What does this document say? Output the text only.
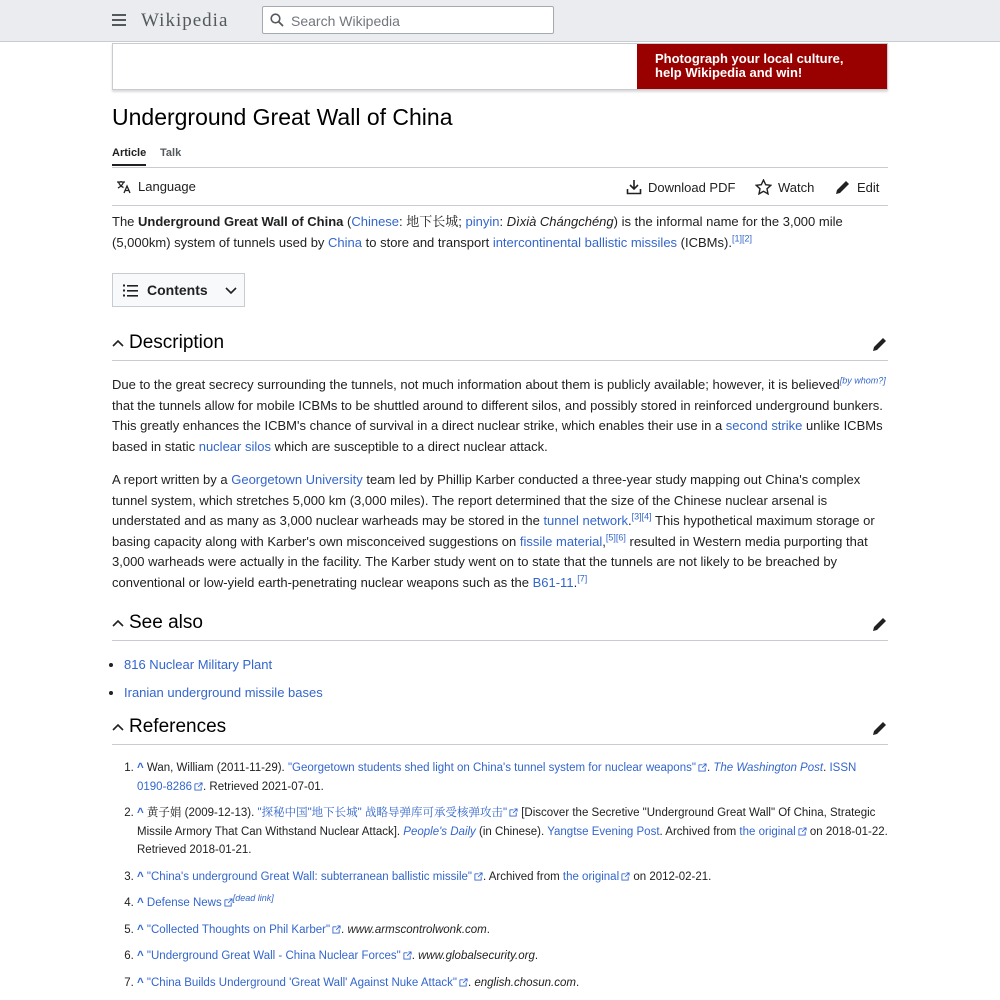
Wikipedia
Search Wikipedia
Photograph your local culture,
help Wikipedia and win!
Underground Great Wall of China
Article Talk
Language	Download PDF	Watch	Edit
The Underground Great Wall of China (Chinese: 地下长城; pinyin: Dìxià Chángchéng) is the informal name for the 3,000 mile (5,000km) system of tunnels used by China to store and transport intercontinental ballistic missiles (ICBMs).[1][2]
Contents
Description
Due to the great secrecy surrounding the tunnels, not much information about them is publicly available; however, it is believed[by whom?] that the tunnels allow for mobile ICBMs to be shuttled around to different silos, and possibly stored in reinforced underground bunkers. This greatly enhances the ICBM's chance of survival in a direct nuclear strike, which enables their use in a second strike unlike ICBMs based in static nuclear silos which are susceptible to a direct nuclear attack.
A report written by a Georgetown University team led by Phillip Karber conducted a three-year study mapping out China's complex tunnel system, which stretches 5,000 km (3,000 miles). The report determined that the size of the Chinese nuclear arsenal is understated and as many as 3,000 nuclear warheads may be stored in the tunnel network.[3][4] This hypothetical maximum storage or basing capacity along with Karber's own misconceived suggestions on fissile material,[5][6] resulted in Western media purporting that 3,000 warheads were actually in the facility. The Karber study went on to state that the tunnels are not likely to be breached by conventional or low-yield earth-penetrating nuclear weapons such as the B61-11.[7]
See also
• 816 Nuclear Military Plant
• Iranian underground missile bases
References
1. ^ Wan, William (2011-11-29). "Georgetown students shed light on China's tunnel system for nuclear weapons" . The Washington Post. ISSN 0190-8286 . Retrieved 2021-07-01.
2. ^ 黄子娟 (2009-12-13). "探秘中国"地下长城" 战略导弹库可承受核弹攻击" [Discover the Secretive "Underground Great Wall" Of China, Strategic Missile Armory That Can Withstand Nuclear Attack]. People's Daily (in Chinese). Yangtse Evening Post. Archived from the original on 2018-01-22. Retrieved 2018-01-21.
3. ^ "China's underground Great Wall: subterranean ballistic missile" . Archived from the original on 2012-02-21.
4. ^ Defense News [dead link]
5. ^ "Collected Thoughts on Phil Karber" . www.armscontrolwonk.com.
6. ^ "Underground Great Wall - China Nuclear Forces" . www.globalsecurity.org.
7. ^ "China Builds Underground 'Great Wall' Against Nuke Attack" . english.chosun.com.
